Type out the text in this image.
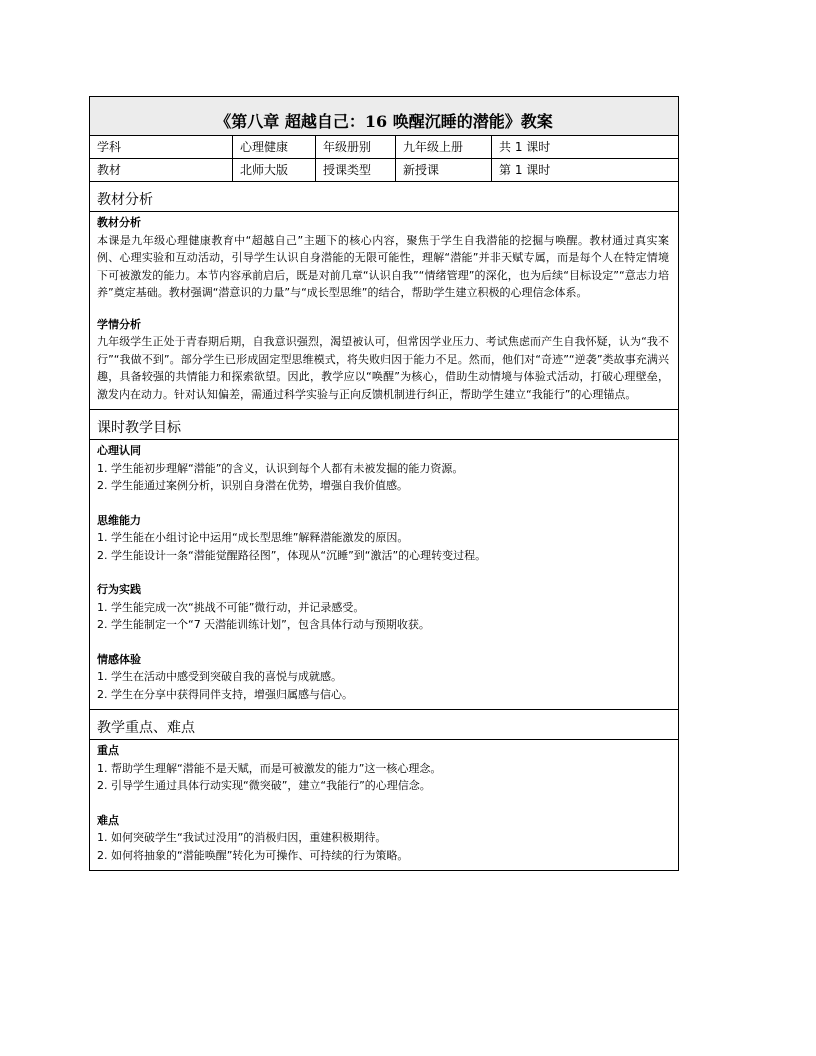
《第八章 超越自己：16 唤醒沉睡的潜能》教案
学科	心理健康	年级册别	九年级上册	共 1 课时
教材	北师大版	授课类型	新授课	第 1 课时
教材分析
教材分析
本课是九年级心理健康教育中“超越自己”主题下的核心内容，聚焦于学生自我潜能的挖掘与唤醒。教材通过真实案例、心理实验和互动活动，引导学生认识自身潜能的无限可能性，理解“潜能”并非天赋专属，而是每个人在特定情境下可被激发的能力。本节内容承前启后，既是对前几章“认识自我”“情绪管理”的深化，也为后续“目标设定”“意志力培养”奠定基础。教材强调“潜意识的力量”与“成长型思维”的结合，帮助学生建立积极的心理信念体系。
学情分析
九年级学生正处于青春期后期，自我意识强烈，渴望被认可，但常因学业压力、考试焦虑而产生自我怀疑，认为“我不行”“我做不到”。部分学生已形成固定型思维模式，将失败归因于能力不足。然而，他们对“奇迹”“逆袭”类故事充满兴趣，具备较强的共情能力和探索欲望。因此，教学应以“唤醒”为核心，借助生动情境与体验式活动，打破心理壁垒，激发内在动力。针对认知偏差，需通过科学实验与正向反馈机制进行纠正，帮助学生建立“我能行”的心理锚点。
课时教学目标
心理认同
1. 学生能初步理解“潜能”的含义，认识到每个人都有未被发掘的能力资源。
2. 学生能通过案例分析，识别自身潜在优势，增强自我价值感。
思维能力
1. 学生能在小组讨论中运用“成长型思维”解释潜能激发的原因。
2. 学生能设计一条“潜能觉醒路径图”，体现从“沉睡”到“激活”的心理转变过程。
行为实践
1. 学生能完成一次“挑战不可能”微行动，并记录感受。
2. 学生能制定一个“7 天潜能训练计划”，包含具体行动与预期收获。
情感体验
1. 学生在活动中感受到突破自我的喜悦与成就感。
2. 学生在分享中获得同伴支持，增强归属感与信心。
教学重点、难点
重点
1. 帮助学生理解“潜能不是天赋，而是可被激发的能力”这一核心理念。
2. 引导学生通过具体行动实现“微突破”，建立“我能行”的心理信念。
难点
1. 如何突破学生“我试过没用”的消极归因，重建积极期待。
2. 如何将抽象的“潜能唤醒”转化为可操作、可持续的行为策略。
